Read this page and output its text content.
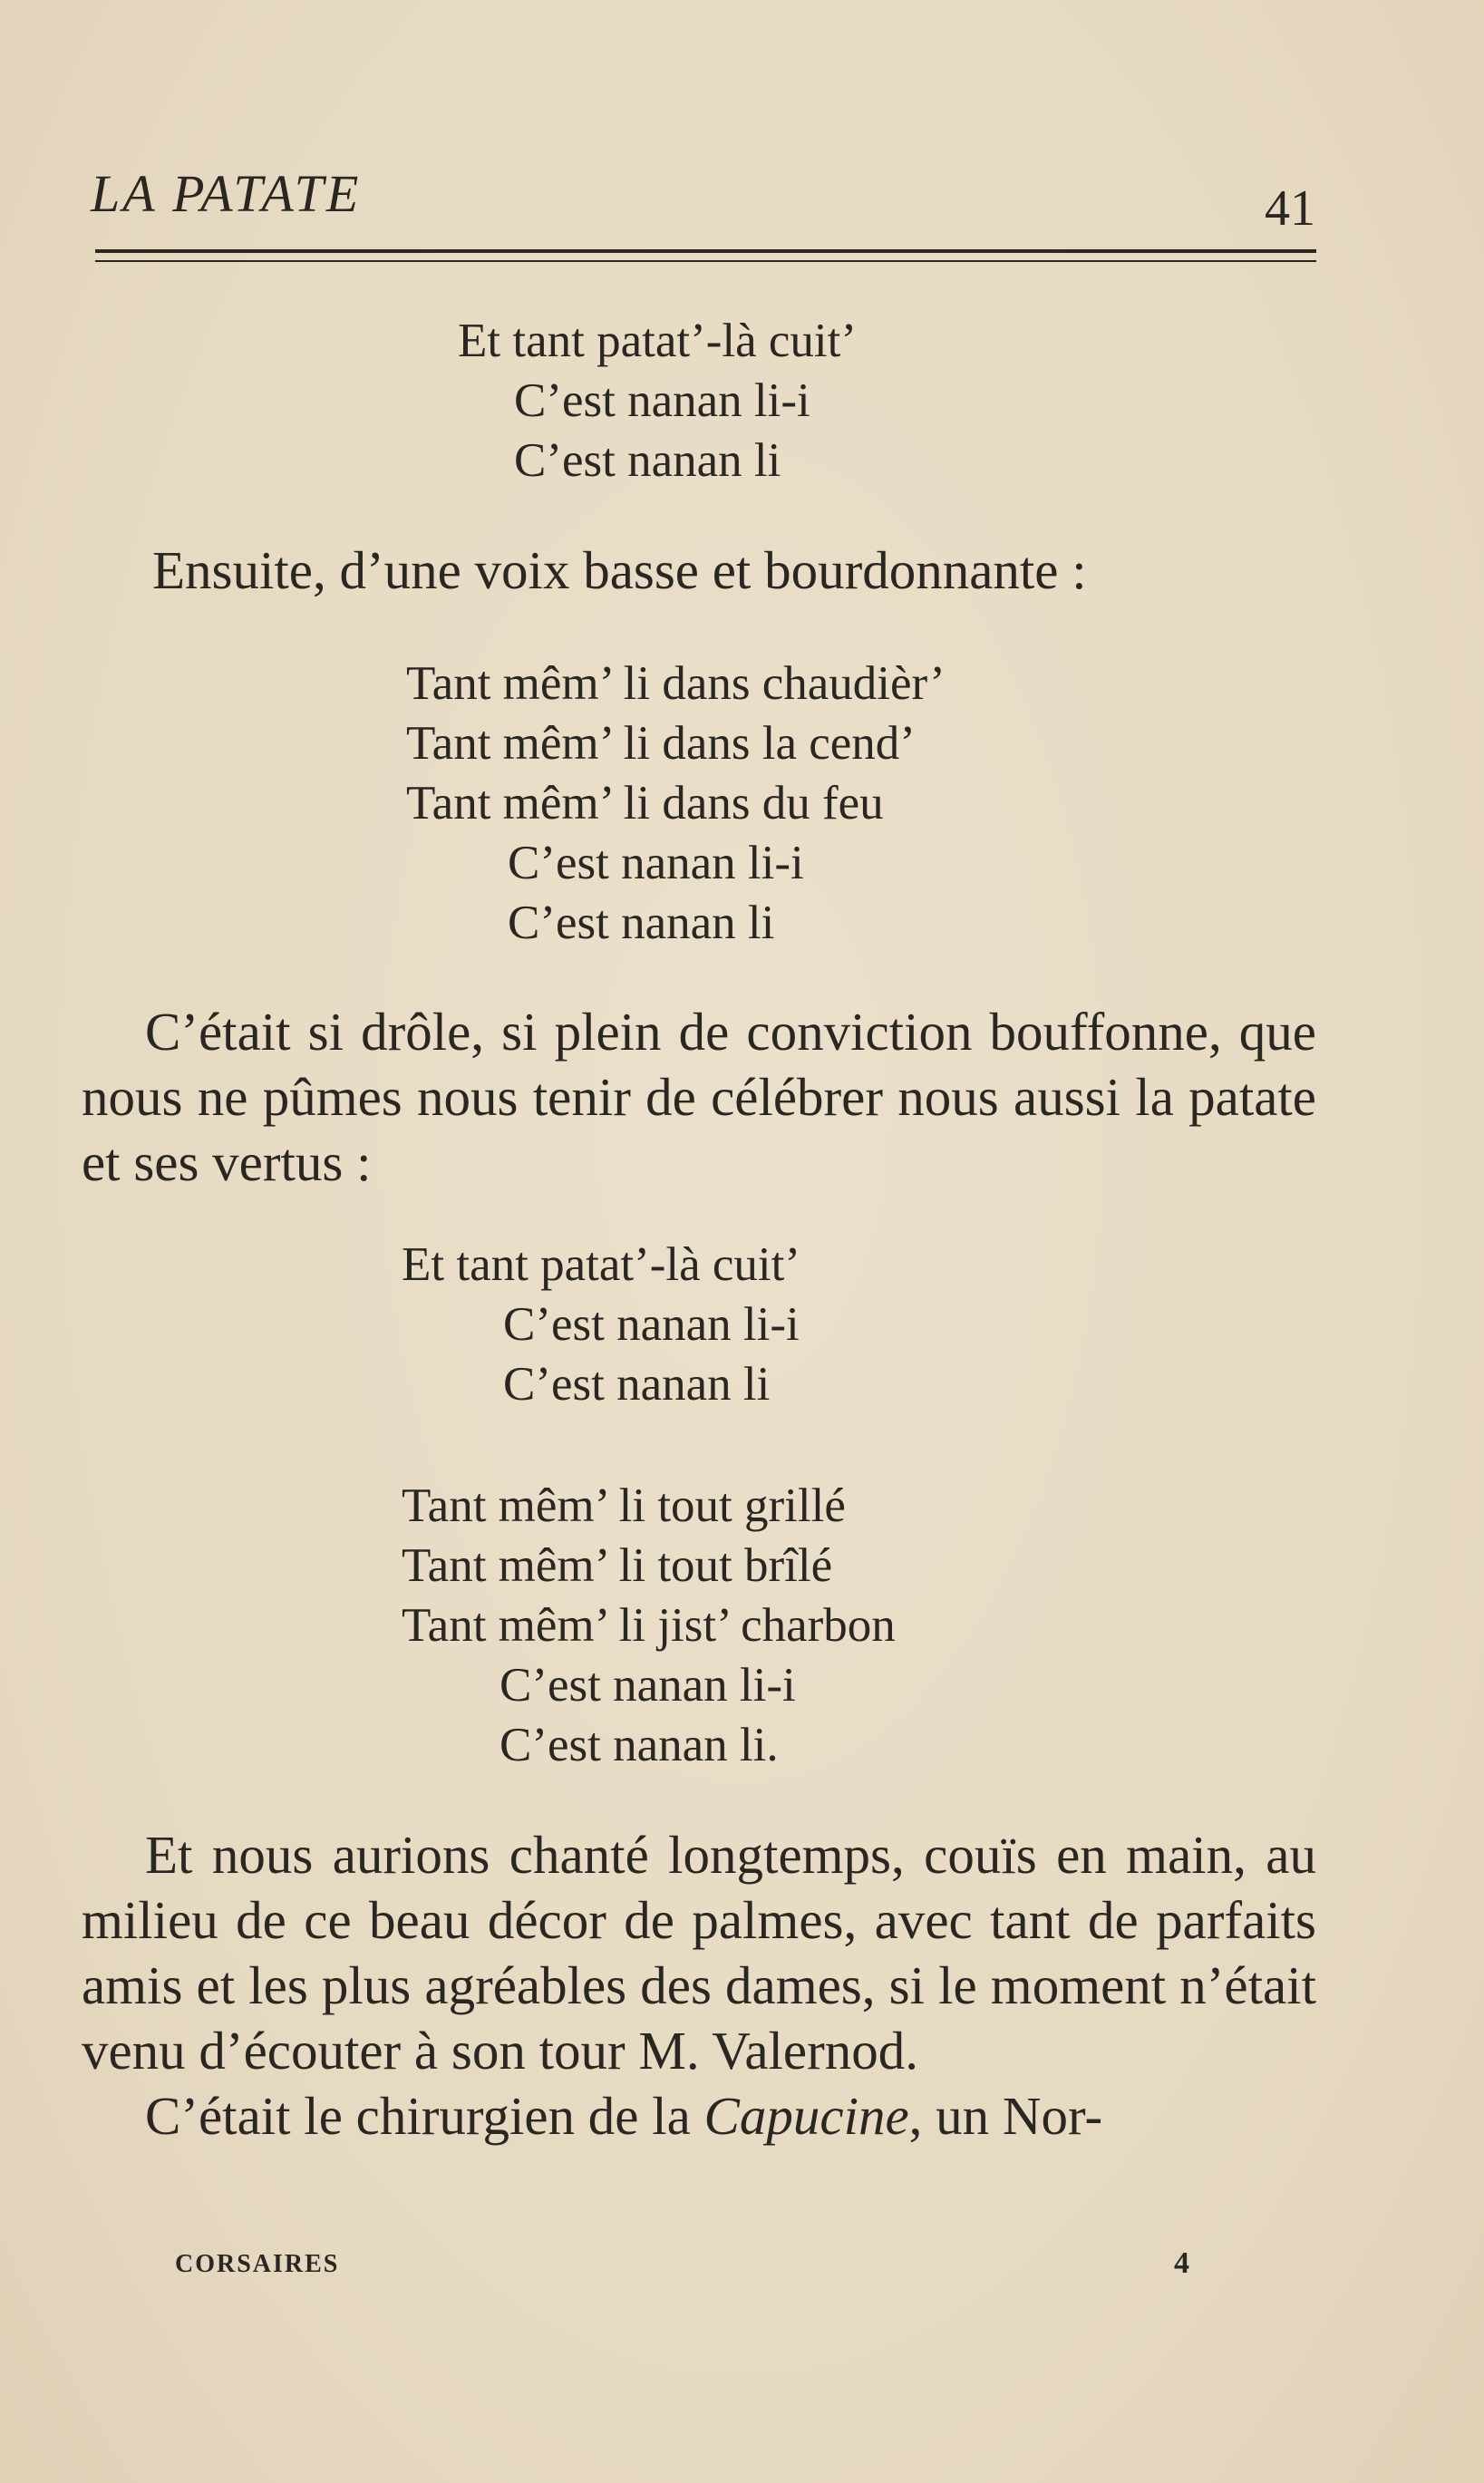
LA PATATE	41
Et tant patat’-là cuit’
C’est nanan li-i
C’est nanan li
Ensuite, d’une voix basse et bourdonnante :
Tant mêm’ li dans chaudièr’
Tant mêm’ li dans la cend’
Tant mêm’ li dans du feu
C’est nanan li-i
C’est nanan li

C’était si drôle, si plein de conviction bouffonne, que nous ne pûmes nous tenir de célébrer nous aussi la patate et ses vertus :

Et tant patat’-là cuit’
C’est nanan li-i
C’est nanan li
Tant mêm’ li tout grillé
Tant mêm’ li tout brîlé
Tant mêm’ li jist’ charbon
C’est nanan li-i
C’est nanan li.

Et nous aurions chanté longtemps, couïs en main, au milieu de ce beau décor de palmes, avec tant de parfaits amis et les plus agréables des dames, si le moment n’était venu d’écouter à son tour M. Valernod.

C’était le chirurgien de la Capucine, un Nor-

CORSAIRES	4
